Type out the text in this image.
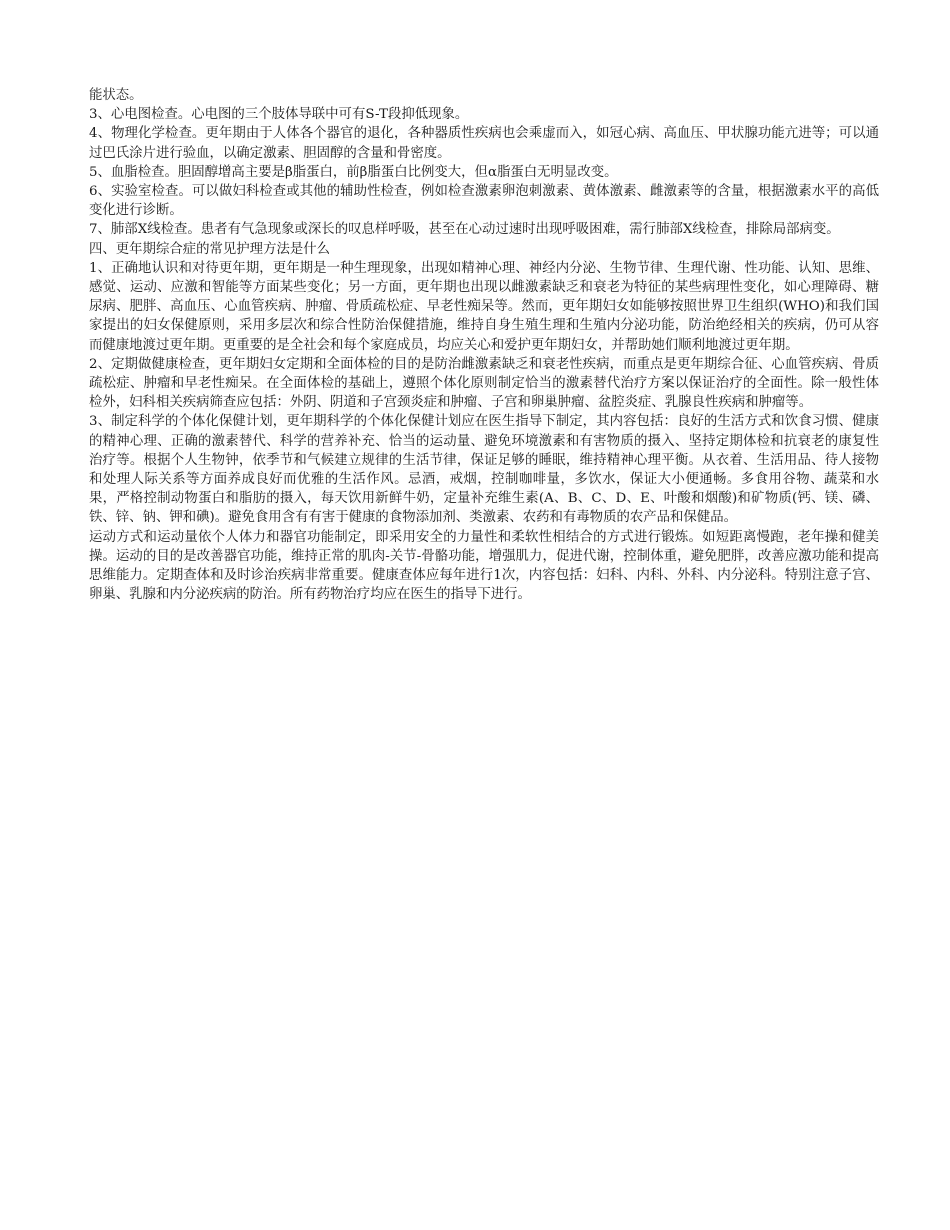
能状态。

3、心电图检查。心电图的三个肢体导联中可有S-T段抑低现象。

4、物理化学检查。更年期由于人体各个器官的退化，各种器质性疾病也会乘虚而入，如冠心病、高血压、甲状腺功能亢进等；可以通过巴氏涂片进行验血，以确定激素、胆固醇的含量和骨密度。

5、血脂检查。胆固醇增高主要是β脂蛋白，前β脂蛋白比例变大，但α脂蛋白无明显改变。

6、实验室检查。可以做妇科检查或其他的辅助性检查，例如检查激素卵泡刺激素、黄体激素、雌激素等的含量，根据激素水平的高低变化进行诊断。

7、肺部X线检查。患者有气急现象或深长的叹息样呼吸，甚至在心动过速时出现呼吸困难，需行肺部X线检查，排除局部病变。

四、更年期综合症的常见护理方法是什么

1、正确地认识和对待更年期，更年期是一种生理现象，出现如精神心理、神经内分泌、生物节律、生理代谢、性功能、认知、思维、感觉、运动、应激和智能等方面某些变化；另一方面，更年期也出现以雌激素缺乏和衰老为特征的某些病理性变化，如心理障碍、糖尿病、肥胖、高血压、心血管疾病、肿瘤、骨质疏松症、早老性痴呆等。然而，更年期妇女如能够按照世界卫生组织(WHO)和我们国家提出的妇女保健原则，采用多层次和综合性防治保健措施，维持自身生殖生理和生殖内分泌功能，防治绝经相关的疾病，仍可从容而健康地渡过更年期。更重要的是全社会和每个家庭成员，均应关心和爱护更年期妇女，并帮助她们顺利地渡过更年期。

2、定期做健康检查，更年期妇女定期和全面体检的目的是防治雌激素缺乏和衰老性疾病，而重点是更年期综合征、心血管疾病、骨质疏松症、肿瘤和早老性痴呆。在全面体检的基础上，遵照个体化原则制定恰当的激素替代治疗方案以保证治疗的全面性。除一般性体检外，妇科相关疾病筛查应包括：外阴、阴道和子宫颈炎症和肿瘤、子宫和卵巢肿瘤、盆腔炎症、乳腺良性疾病和肿瘤等。

3、制定科学的个体化保健计划，更年期科学的个体化保健计划应在医生指导下制定，其内容包括：良好的生活方式和饮食习惯、健康的精神心理、正确的激素替代、科学的营养补充、恰当的运动量、避免环境激素和有害物质的摄入、坚持定期体检和抗衰老的康复性治疗等。根据个人生物钟，依季节和气候建立规律的生活节律，保证足够的睡眠，维持精神心理平衡。从衣着、生活用品、待人接物和处理人际关系等方面养成良好而优雅的生活作风。忌酒，戒烟，控制咖啡量，多饮水，保证大小便通畅。多食用谷物、蔬菜和水果，严格控制动物蛋白和脂肪的摄入，每天饮用新鲜牛奶，定量补充维生素(A、B、C、D、E、叶酸和烟酸)和矿物质(钙、镁、磷、铁、锌、钠、钾和碘)。避免食用含有有害于健康的食物添加剂、类激素、农药和有毒物质的农产品和保健品。

运动方式和运动量依个人体力和器官功能制定，即采用安全的力量性和柔软性相结合的方式进行锻炼。如短距离慢跑，老年操和健美操。运动的目的是改善器官功能，维持正常的肌肉-关节-骨骼功能，增强肌力，促进代谢，控制体重，避免肥胖，改善应激功能和提高思维能力。定期查体和及时诊治疾病非常重要。健康查体应每年进行1次，内容包括：妇科、内科、外科、内分泌科。特别注意子宫、卵巢、乳腺和内分泌疾病的防治。所有药物治疗均应在医生的指导下进行。
